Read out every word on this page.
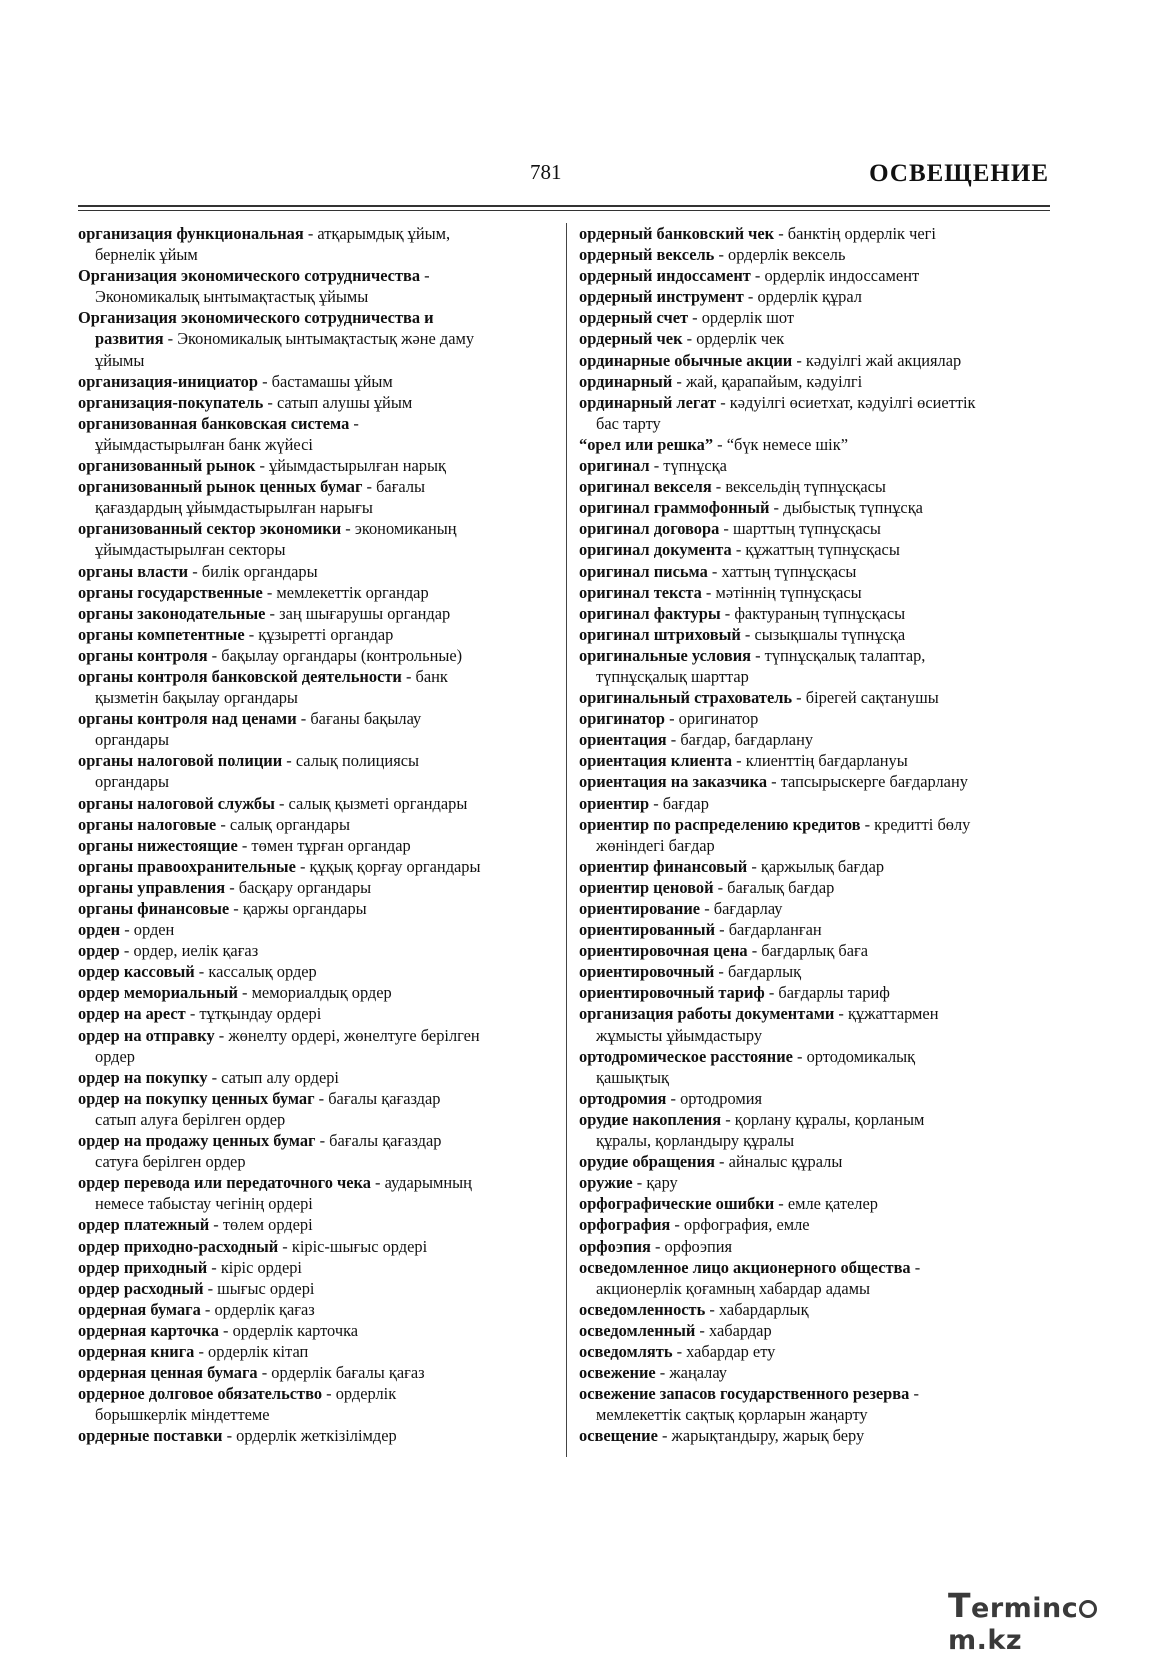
781	ОСВЕЩЕНИЕ
организация функциональная - атқарымдық ұйым,
бернелік ұйым
Организация экономического сотрудничества -
Экономикалық ынтымақтастық ұйымы
Организация экономического сотрудничества и
развития - Экономикалық ынтымақтастық және даму
ұйымы
организация-инициатор - бастамашы ұйым
организация-покупатель - сатып алушы ұйым
организованная банковская система -
ұйымдастырылған банк жүйесі
организованный рынок - ұйымдастырылған нарық
организованный рынок ценных бумаг - бағалы
қағаздардың ұйымдастырылған нарығы
организованный сектор экономики - экономиканың
ұйымдастырылған секторы
органы власти - билік органдары
органы государственные - мемлекеттік органдар
органы законодательные - заң шығарушы органдар
органы компетентные - құзыретті органдар
органы контроля - бақылау органдары (контрольные)
органы контроля банковской деятельности - банк
қызметін бақылау органдары
органы контроля над ценами - бағаны бақылау
органдары
органы налоговой полиции - салық полициясы
органдары
органы налоговой службы - салық қызметі органдары
органы налоговые - салық органдары
органы нижестоящие - төмен тұрған органдар
органы правоохранительные - құқық қорғау органдары
органы управления - басқару органдары
органы финансовые - қаржы органдары
орден - орден
ордер - ордер, иелік қағаз
ордер кассовый - кассалық ордер
ордер мемориальный - мемориалдық ордер
ордер на арест - тұтқындау ордері
ордер на отправку - жөнелту ордері, жөнелтуге берілген
ордер
ордер на покупку - сатып алу ордері
ордер на покупку ценных бумаг - бағалы қағаздар
сатып алуға берілген ордер
ордер на продажу ценных бумаг - бағалы қағаздар
сатуға берілген ордер
ордер перевода или передаточного чека - аударымның
немесе табыстау чегінің ордері
ордер платежный - төлем ордері
ордер приходно-расходный - кіріс-шығыс ордері
ордер приходный - кіріс ордері
ордер расходный - шығыс ордері
ордерная бумага - ордерлік қағаз
ордерная карточка - ордерлік карточка
ордерная книга - ордерлік кітап
ордерная ценная бумага - ордерлік бағалы қағаз
ордерное долговое обязательство - ордерлік
борышкерлік міндеттеме
ордерные поставки - ордерлік жеткізілімдер
ордерный банковский чек - банктің ордерлік чегі
ордерный вексель - ордерлік вексель
ордерный индоссамент - ордерлік индоссамент
ордерный инструмент - ордерлік құрал
ордерный счет - ордерлік шот
ордерный чек - ордерлік чек
ординарные обычные акции - кәдуілгі жай акциялар
ординарный - жай, қарапайым, кәдуілгі
ординарный легат - кәдуілгі өсиетхат, кәдуілгі өсиеттік
бас тарту
“орел или решка” - “бүк немесе шік”
оригинал - түпнұсқа
оригинал векселя - вексельдің түпнұсқасы
оригинал граммофонный - дыбыстық түпнұсқа
оригинал договора - шарттың түпнұсқасы
оригинал документа - құжаттың түпнұсқасы
оригинал письма - хаттың түпнұсқасы
оригинал текста - мәтіннің түпнұсқасы
оригинал фактуры - фактураның түпнұсқасы
оригинал штриховый - сызықшалы түпнұсқа
оригинальные условия - түпнұсқалық талаптар,
түпнұсқалық шарттар
оригинальный страхователь - бірегей сақтанушы
оригинатор - оригинатор
ориентация - бағдар, бағдарлану
ориентация клиента - клиенттің бағдарлануы
ориентация на заказчика - тапсырыскерге бағдарлану
ориентир - бағдар
ориентир по распределению кредитов - кредитті бөлу
жөніндегі бағдар
ориентир финансовый - қаржылық бағдар
ориентир ценовой - бағалық бағдар
ориентирование - бағдарлау
ориентированный - бағдарланған
ориентировочная цена - бағдарлық баға
ориентировочный - бағдарлық
ориентировочный тариф - бағдарлы тариф
организация работы документами - құжаттармен
жұмысты ұйымдастыру
ортодромическое расстояние - ортодомикалық
қашықтық
ортодромия - ортодромия
орудие накопления - қорлану құралы, қорланым
құралы, қорландыру құралы
орудие обращения - айналыс құралы
оружие - қару
орфографические ошибки - емле қателер
орфография - орфография, емле
орфоэпия - орфоэпия
осведомленное лицо акционерного общества -
акционерлік қоғамның хабардар адамы
осведомленность - хабардарлық
осведомленный - хабардар
осведомлять - хабардар ету
освежение - жаңалау
освежение запасов государственного резерва -
мемлекеттік сақтық қорларын жаңарту
освещение - жарықтандыру, жарық беру
Termincm.kz
